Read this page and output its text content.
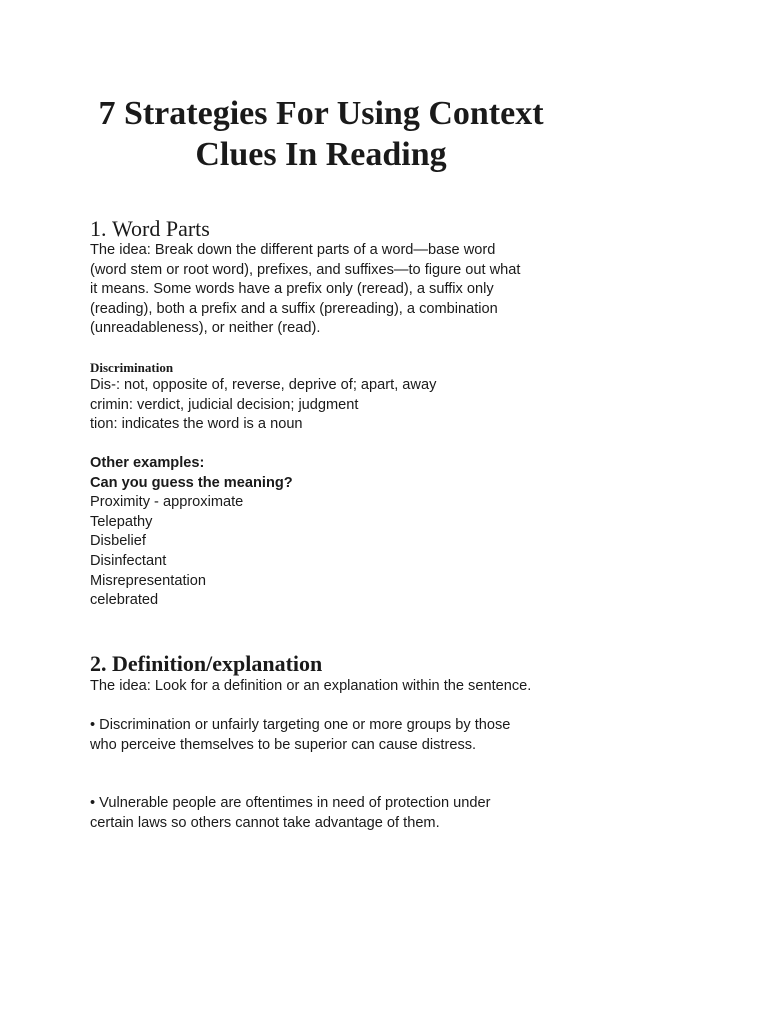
7 Strategies For Using Context
Clues In Reading
1. Word Parts
The idea: Break down the different parts of a word—base word
(word stem or root word), prefixes, and suffixes—to figure out what
it means. Some words have a prefix only (reread), a suffix only
(reading), both a prefix and a suffix (prereading), a combination
(unreadableness), or neither (read).
Discrimination
Dis-: not, opposite of, reverse, deprive of; apart, away
crimin: verdict, judicial decision; judgment
tion: indicates the word is a noun
Other examples:
Can you guess the meaning?
Proximity - approximate
Telepathy
Disbelief
Disinfectant
Misrepresentation
celebrated
2. Definition/explanation
The idea: Look for a definition or an explanation within the sentence.
• Discrimination or unfairly targeting one or more groups by those
who perceive themselves to be superior can cause distress.
• Vulnerable people are oftentimes in need of protection under
certain laws so others cannot take advantage of them.
